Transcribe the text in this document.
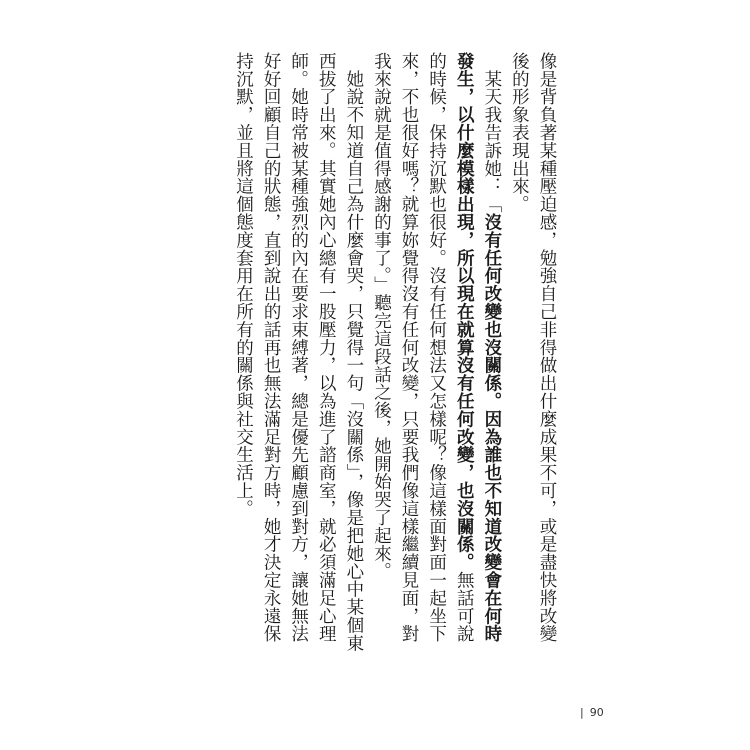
像是背負著某種壓迫感，勉強自己非得做出什麼成果不可，或是盡快將改變後的形象表現出來。
　某天我告訴她：「沒有任何改變也沒關係。因為誰也不知道改變會在何時發生，以什麼模樣出現，所以現在就算沒有任何改變，也沒關係。無話可說的時候，保持沉默也很好。沒有任何想法又怎樣呢？像這樣面對面一起坐下來，不也很好嗎？就算妳覺得沒有任何改變，只要我們像這樣繼續見面，對我來說就是值得感謝的事了。」聽完這段話之後，她開始哭了起來。
　她說不知道自己為什麼會哭，只覺得一句「沒關係」，像是把她心中某個東西拔了出來。其實她內心總有一股壓力，以為進了諮商室，就必須滿足心理師。她時常被某種強烈的內在要求束縛著，總是優先顧慮到對方，讓她無法好好回顧自己的狀態，直到說出的話再也無法滿足對方時，她才決定永遠保持沉默，並且將這個態度套用在所有的關係與社交生活上。
| 90
